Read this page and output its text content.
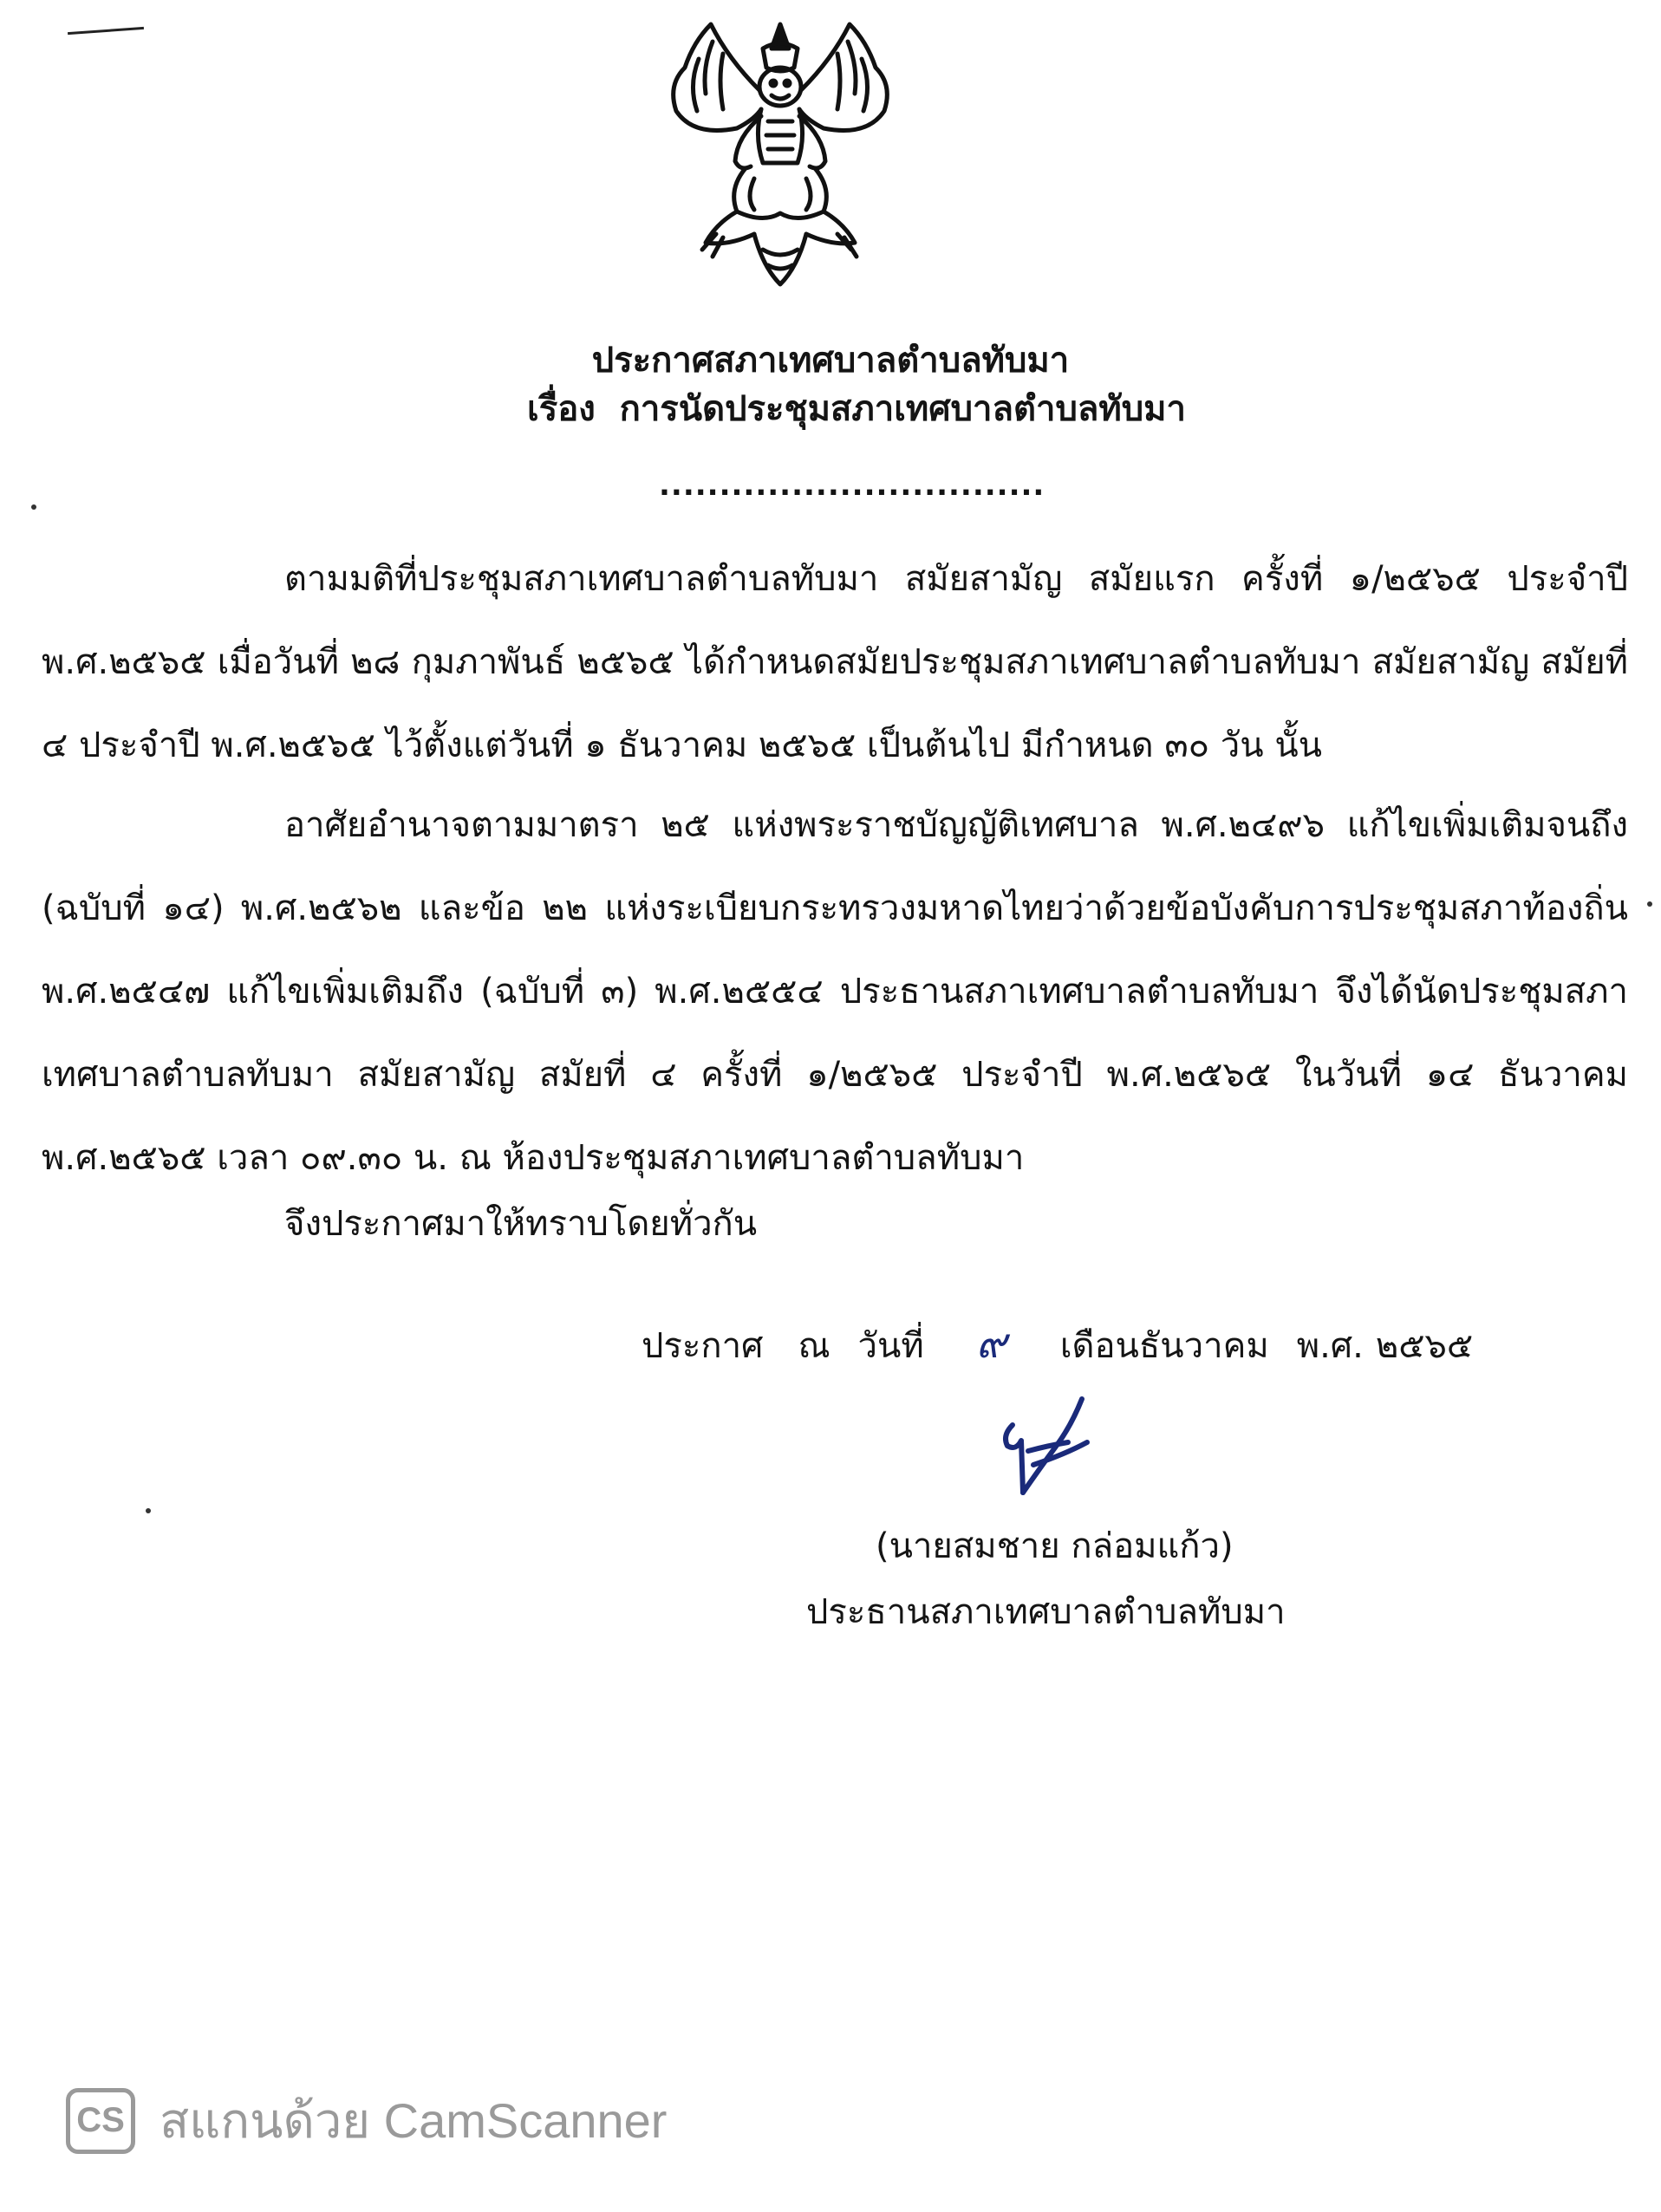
ประกาศสภาเทศบาลตำบลทับมา
เรื่อง การนัดประชุมสภาเทศบาลตำบลทับมา
................................
ตามมติที่ประชุมสภาเทศบาลตำบลทับมา สมัยสามัญ สมัยแรก ครั้งที่ ๑/๒๕๖๕ ประจำปี พ.ศ.๒๕๖๕ เมื่อวันที่ ๒๘ กุมภาพันธ์ ๒๕๖๕ ได้กำหนดสมัยประชุมสภาเทศบาลตำบลทับมา สมัยสามัญ สมัยที่ ๔ ประจำปี พ.ศ.๒๕๖๕ ไว้ตั้งแต่วันที่ ๑ ธันวาคม ๒๕๖๕ เป็นต้นไป มีกำหนด ๓๐ วัน นั้น
อาศัยอำนาจตามมาตรา ๒๕ แห่งพระราชบัญญัติเทศบาล พ.ศ.๒๔๙๖ แก้ไขเพิ่มเติมจนถึง (ฉบับที่ ๑๔) พ.ศ.๒๕๖๒ และข้อ ๒๒ แห่งระเบียบกระทรวงมหาดไทยว่าด้วยข้อบังคับการประชุมสภาท้องถิ่น พ.ศ.๒๕๔๗ แก้ไขเพิ่มเติมถึง (ฉบับที่ ๓) พ.ศ.๒๕๕๔ ประธานสภาเทศบาลตำบลทับมา จึงได้นัดประชุมสภาเทศบาลตำบลทับมา สมัยสามัญ สมัยที่ ๔ ครั้งที่ ๑/๒๕๖๕ ประจำปี พ.ศ.๒๕๖๕ ในวันที่ ๑๔ ธันวาคม พ.ศ.๒๕๖๕ เวลา ๐๙.๓๐ น. ณ ห้องประชุมสภาเทศบาลตำบลทับมา
จึงประกาศมาให้ทราบโดยทั่วกัน
ประกาศ ณ วันที่ ๙ เดือนธันวาคม พ.ศ. ๒๕๖๕
(นายสมชาย กล่อมแก้ว)
ประธานสภาเทศบาลตำบลทับมา
CS สแกนด้วย CamScanner
